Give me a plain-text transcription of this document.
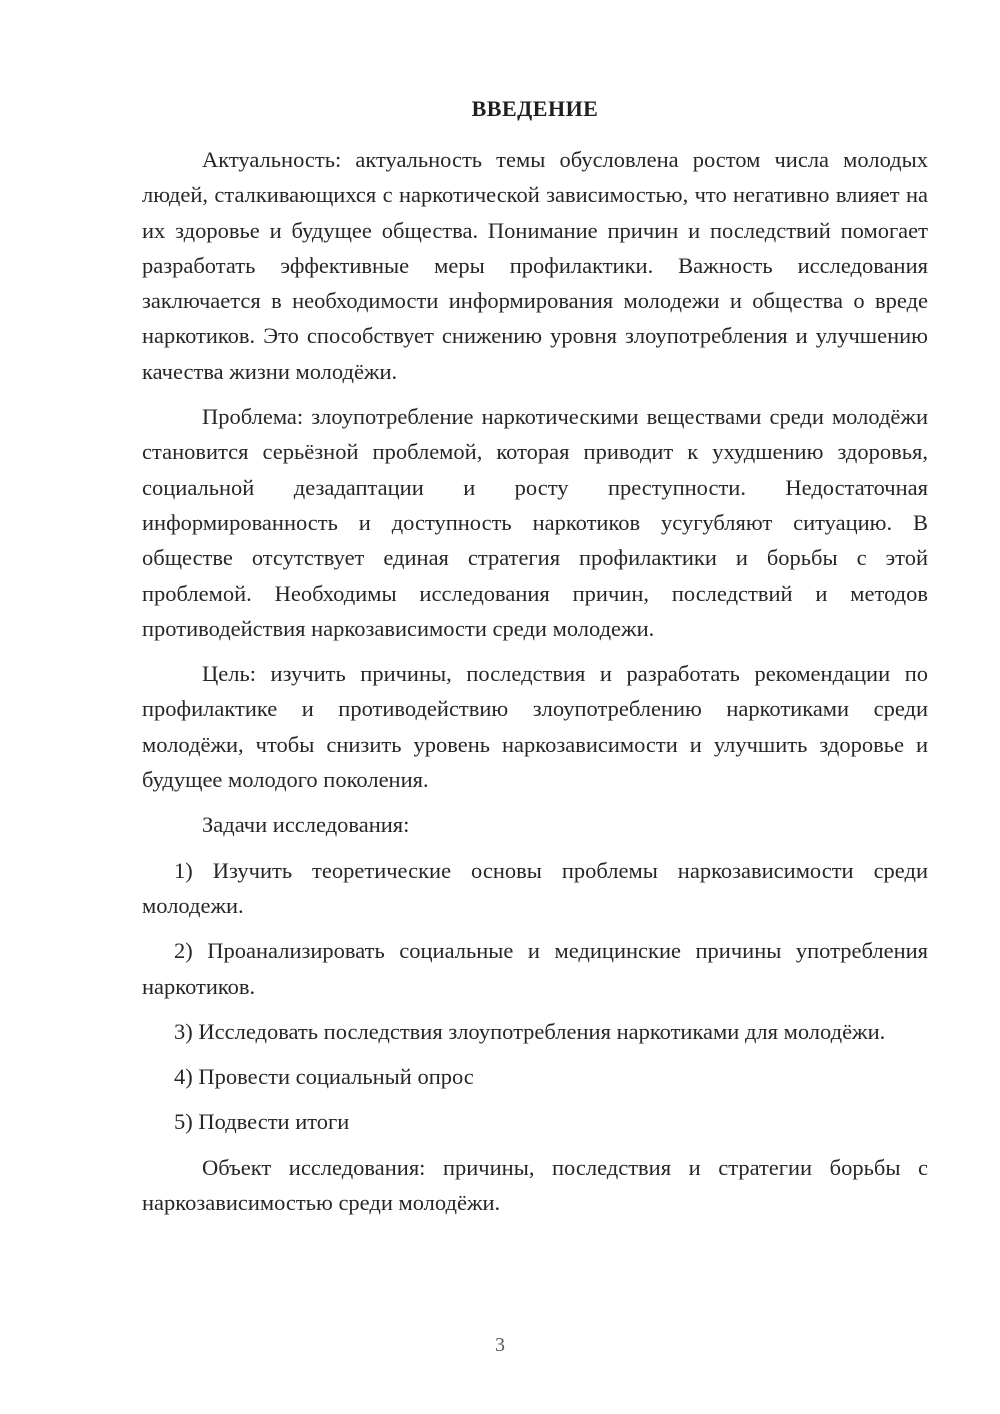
ВВЕДЕНИЕ

Актуальность: актуальность темы обусловлена ростом числа молодых людей, сталкивающихся с наркотической зависимостью, что негативно влияет на их здоровье и будущее общества. Понимание причин и последствий помогает разработать эффективные меры профилактики. Важность исследования заключается в необходимости информирования молодежи и общества о вреде наркотиков. Это способствует снижению уровня злоупотребления и улучшению качества жизни молодёжи.

Проблема: злоупотребление наркотическими веществами среди молодёжи становится серьёзной проблемой, которая приводит к ухудшению здоровья, социальной дезадаптации и росту преступности. Недостаточная информированность и доступность наркотиков усугубляют ситуацию. В обществе отсутствует единая стратегия профилактики и борьбы с этой проблемой. Необходимы исследования причин, последствий и методов противодействия наркозависимости среди молодежи.

Цель: изучить причины, последствия и разработать рекомендации по профилактике и противодействию злоупотреблению наркотиками среди молодёжи, чтобы снизить уровень наркозависимости и улучшить здоровье и будущее молодого поколения.

Задачи исследования:

1) Изучить теоретические основы проблемы наркозависимости среди молодежи.

2) Проанализировать социальные и медицинские причины употребления наркотиков.

3) Исследовать последствия злоупотребления наркотиками для молодёжи.

4) Провести социальный опрос

5) Подвести итоги

Объект исследования: причины, последствия и стратегии борьбы с наркозависимостью среди молодёжи.

3
